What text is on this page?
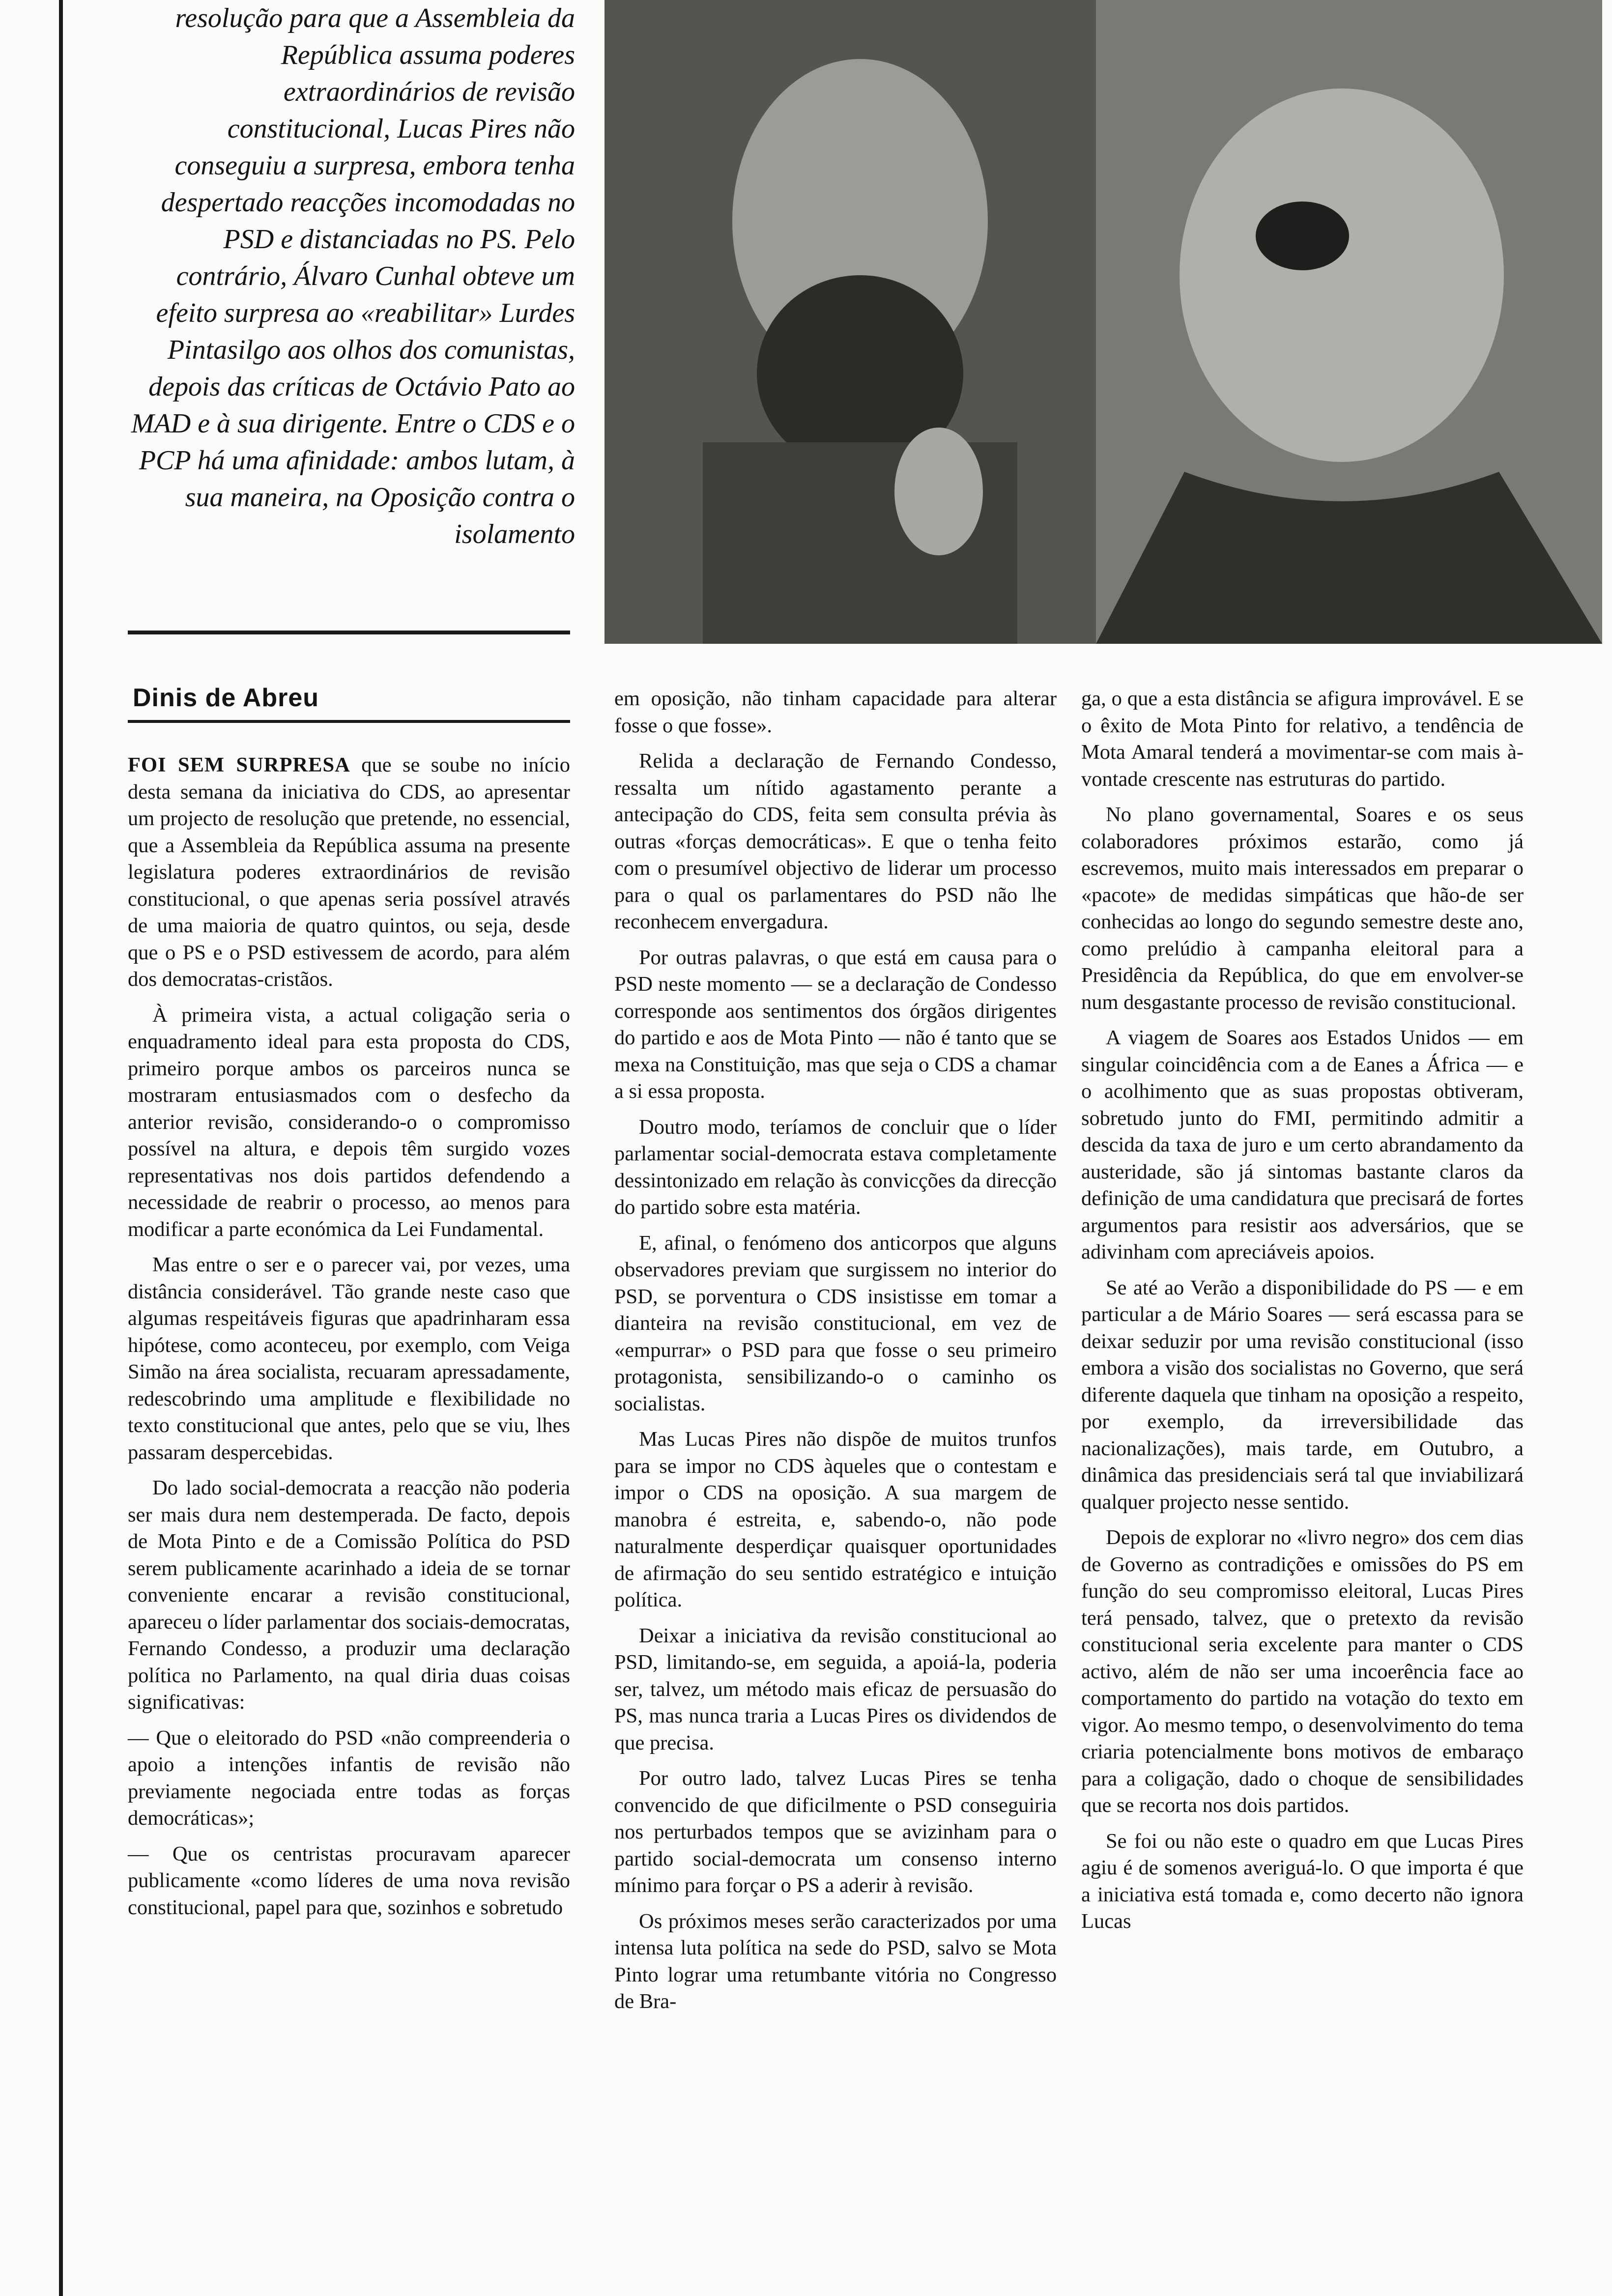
resolução para que a Assembleia da República assuma poderes extraordinários de revisão constitucional, Lucas Pires não conseguiu a surpresa, embora tenha despertado reacções incomodadas no PSD e distanciadas no PS. Pelo contrário, Álvaro Cunhal obteve um efeito surpresa ao «reabilitar» Lurdes Pintasilgo aos olhos dos comunistas, depois das críticas de Octávio Pato ao MAD e à sua dirigente. Entre o CDS e o PCP há uma afinidade: ambos lutam, à sua maneira, na Oposição contra o isolamento
Dinis de Abreu

FOI SEM SURPRESA que se soube no início desta semana da iniciativa do CDS, ao apresentar um projecto de resolução que pretende, no essencial, que a Assembleia da República assuma na presente legislatura poderes extraordinários de revisão constitucional, o que apenas seria possível através de uma maioria de quatro quintos, ou seja, desde que o PS e o PSD estivessem de acordo, para além dos democratas-cristãos.

À primeira vista, a actual coligação seria o enquadramento ideal para esta proposta do CDS, primeiro porque ambos os parceiros nunca se mostraram entusiasmados com o desfecho da anterior revisão, considerando-o o compromisso possível na altura, e depois têm surgido vozes representativas nos dois partidos defendendo a necessidade de reabrir o processo, ao menos para modificar a parte económica da Lei Fundamental.

Mas entre o ser e o parecer vai, por vezes, uma distância considerável. Tão grande neste caso que algumas respeitáveis figuras que apadrinharam essa hipótese, como aconteceu, por exemplo, com Veiga Simão na área socialista, recuaram apressadamente, redescobrindo uma amplitude e flexibilidade no texto constitucional que antes, pelo que se viu, lhes passaram despercebidas.

Do lado social-democrata a reacção não poderia ser mais dura nem destemperada. De facto, depois de Mota Pinto e de a Comissão Política do PSD serem publicamente acarinhado a ideia de se tornar conveniente encarar a revisão constitucional, apareceu o líder parlamentar dos sociais-democratas, Fernando Condesso, a produzir uma declaração política no Parlamento, na qual diria duas coisas significativas:

— Que o eleitorado do PSD «não compreenderia o apoio a intenções infantis de revisão não previamente negociada entre todas as forças democráticas»;

— Que os centristas procuravam aparecer publicamente «como líderes de uma nova revisão constitucional, papel para que, sozinhos e sobretudo

em oposição, não tinham capacidade para alterar fosse o que fosse».

Relida a declaração de Fernando Condesso, ressalta um nítido agastamento perante a antecipação do CDS, feita sem consulta prévia às outras «forças democráticas». E que o tenha feito com o presumível objectivo de liderar um processo para o qual os parlamentares do PSD não lhe reconhecem envergadura.

Por outras palavras, o que está em causa para o PSD neste momento — se a declaração de Condesso corresponde aos sentimentos dos órgãos dirigentes do partido e aos de Mota Pinto — não é tanto que se mexa na Constituição, mas que seja o CDS a chamar a si essa proposta.

Doutro modo, teríamos de concluir que o líder parlamentar social-democrata estava completamente dessintonizado em relação às convicções da direcção do partido sobre esta matéria.

E, afinal, o fenómeno dos anticorpos que alguns observadores previam que surgissem no interior do PSD, se porventura o CDS insistisse em tomar a dianteira na revisão constitucional, em vez de «empurrar» o PSD para que fosse o seu primeiro protagonista, sensibilizando-o o caminho os socialistas.

Mas Lucas Pires não dispõe de muitos trunfos para se impor no CDS àqueles que o contestam e impor o CDS na oposição. A sua margem de manobra é estreita, e, sabendo-o, não pode naturalmente desperdiçar quaisquer oportunidades de afirmação do seu sentido estratégico e intuição política.

Deixar a iniciativa da revisão constitucional ao PSD, limitando-se, em seguida, a apoiá-la, poderia ser, talvez, um método mais eficaz de persuasão do PS, mas nunca traria a Lucas Pires os dividendos de que precisa.

Por outro lado, talvez Lucas Pires se tenha convencido de que dificilmente o PSD conseguiria nos perturbados tempos que se avizinham para o partido social-democrata um consenso interno mínimo para forçar o PS a aderir à revisão.

Os próximos meses serão caracterizados por uma intensa luta política na sede do PSD, salvo se Mota Pinto lograr uma retumbante vitória no Congresso de Bra-

ga, o que a esta distância se afigura improvável. E se o êxito de Mota Pinto for relativo, a tendência de Mota Amaral tenderá a movimentar-se com mais à-vontade crescente nas estruturas do partido.

No plano governamental, Soares e os seus colaboradores próximos estarão, como já escrevemos, muito mais interessados em preparar o «pacote» de medidas simpáticas que hão-de ser conhecidas ao longo do segundo semestre deste ano, como prelúdio à campanha eleitoral para a Presidência da República, do que em envolver-se num desgastante processo de revisão constitucional.

A viagem de Soares aos Estados Unidos — em singular coincidência com a de Eanes a África — e o acolhimento que as suas propostas obtiveram, sobretudo junto do FMI, permitindo admitir a descida da taxa de juro e um certo abrandamento da austeridade, são já sintomas bastante claros da definição de uma candidatura que precisará de fortes argumentos para resistir aos adversários, que se adivinham com apreciáveis apoios.

Se até ao Verão a disponibilidade do PS — e em particular a de Mário Soares — será escassa para se deixar seduzir por uma revisão constitucional (isso embora a visão dos socialistas no Governo, que será diferente daquela que tinham na oposição a respeito, por exemplo, da irreversibilidade das nacionalizações), mais tarde, em Outubro, a dinâmica das presidenciais será tal que inviabilizará qualquer projecto nesse sentido.

Depois de explorar no «livro negro» dos cem dias de Governo as contradições e omissões do PS em função do seu compromisso eleitoral, Lucas Pires terá pensado, talvez, que o pretexto da revisão constitucional seria excelente para manter o CDS activo, além de não ser uma incoerência face ao comportamento do partido na votação do texto em vigor. Ao mesmo tempo, o desenvolvimento do tema criaria potencialmente bons motivos de embaraço para a coligação, dado o choque de sensibilidades que se recorta nos dois partidos.

Se foi ou não este o quadro em que Lucas Pires agiu é de somenos averiguá-lo. O que importa é que a iniciativa está tomada e, como decerto não ignora Lucas
